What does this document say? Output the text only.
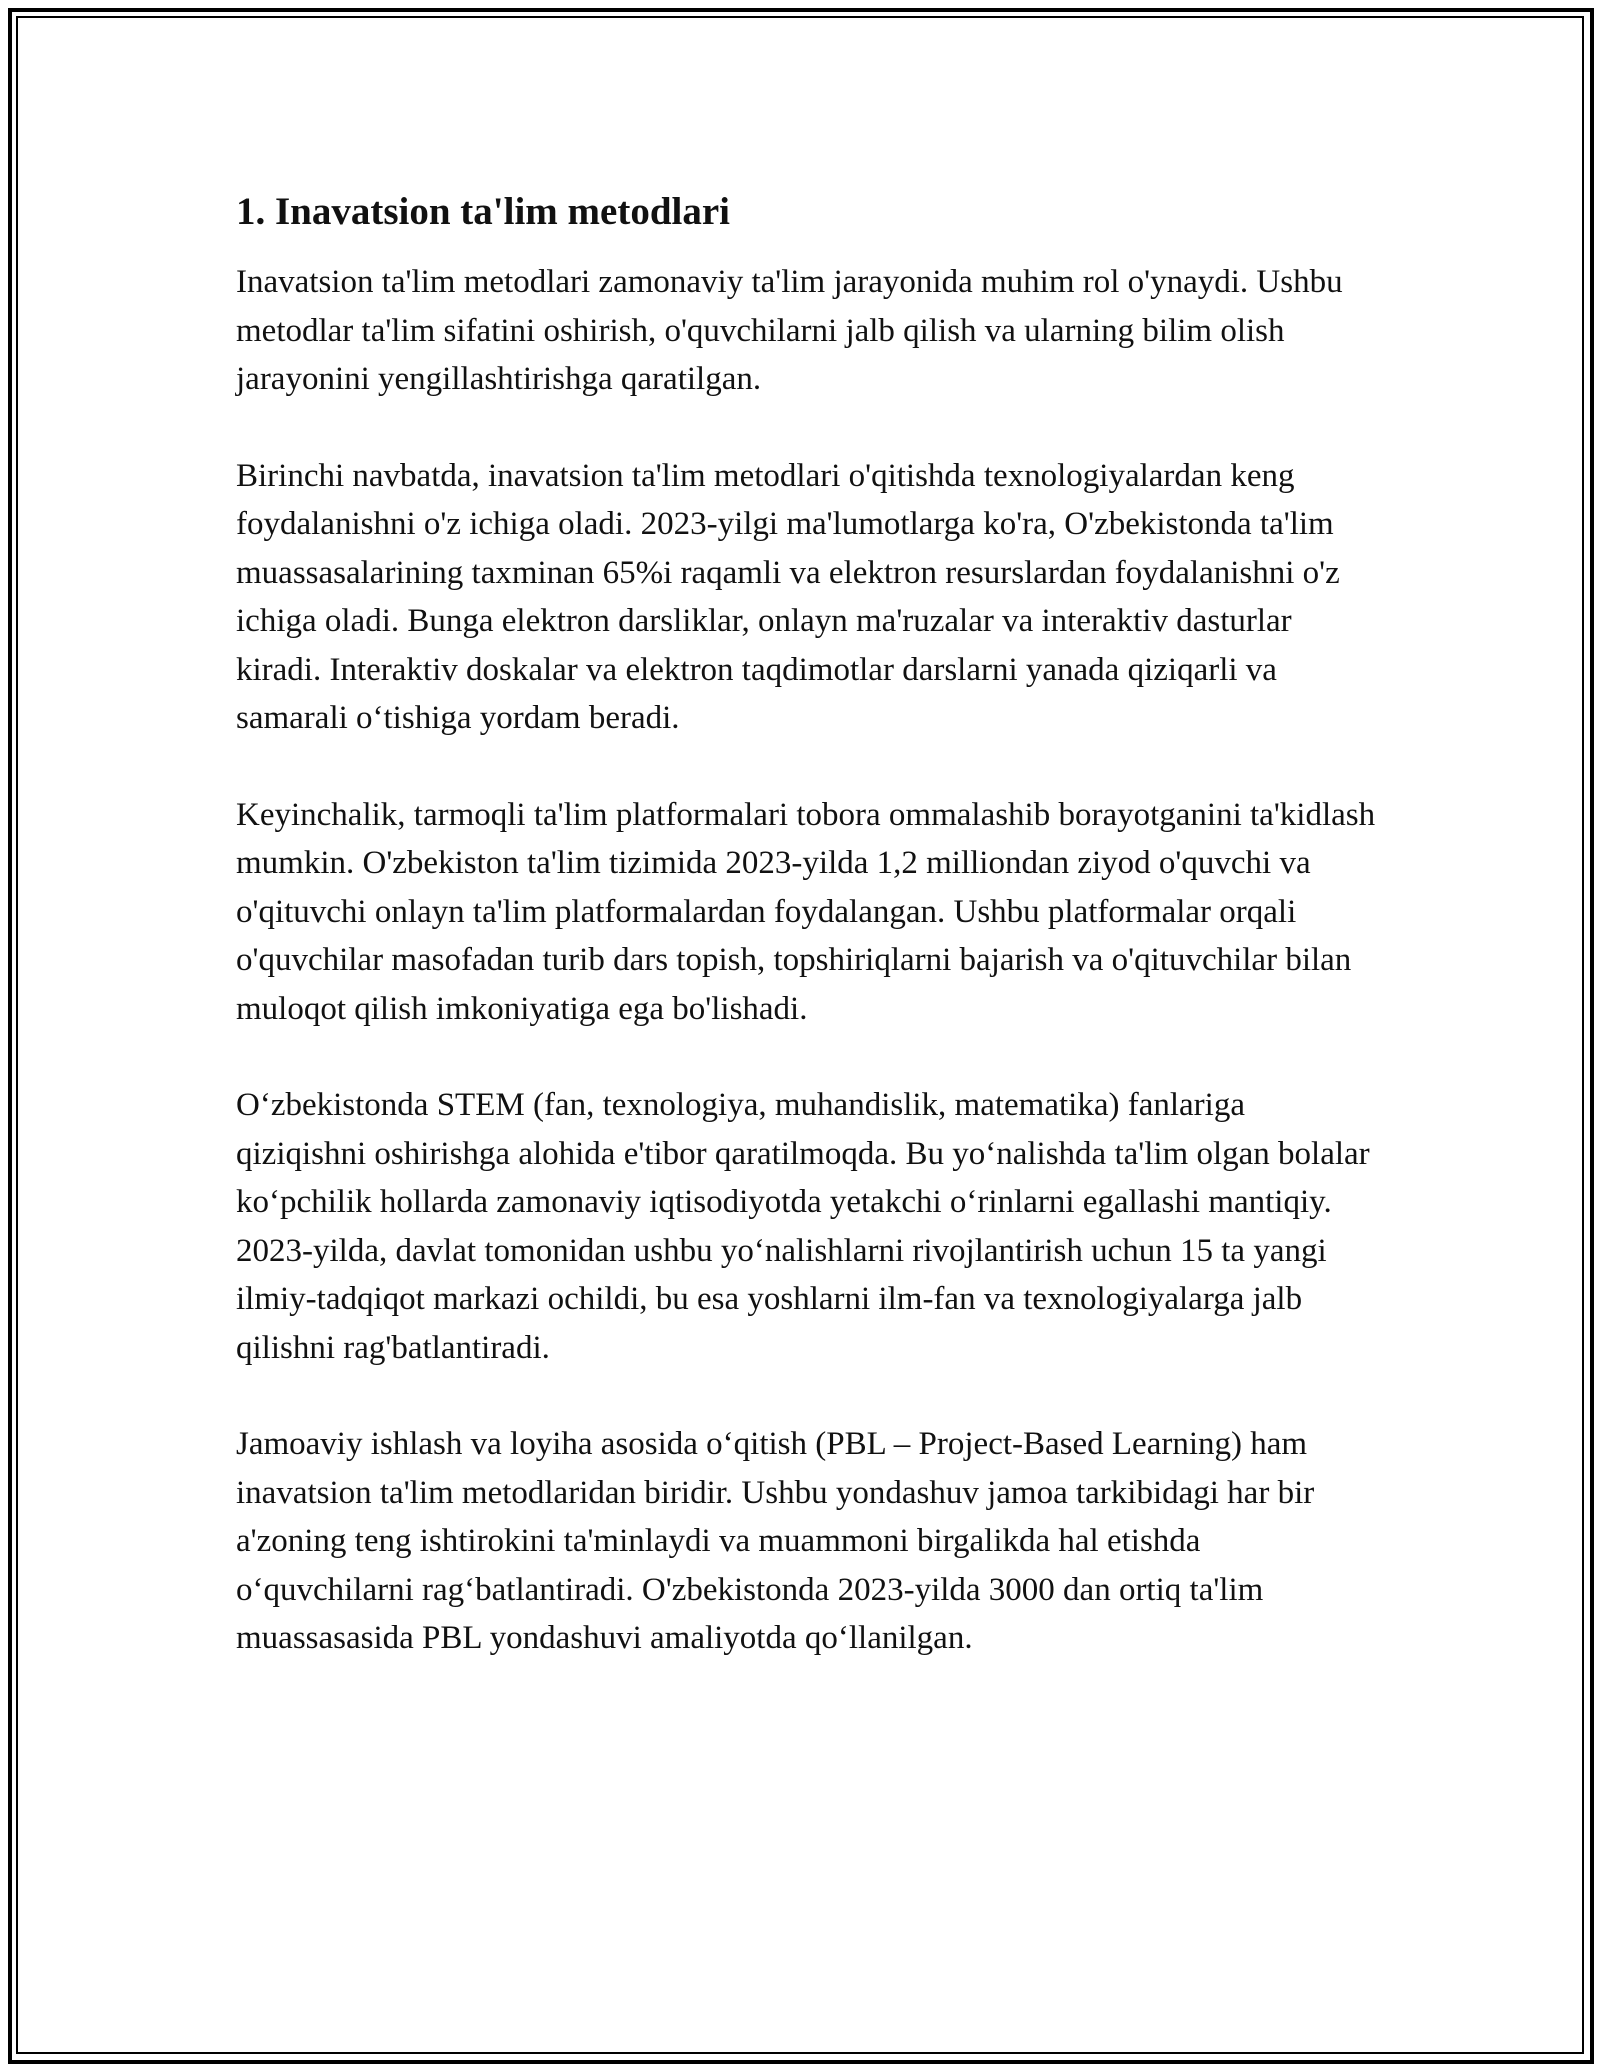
1. Inavatsion ta'lim metodlari

Inavatsion ta'lim metodlari zamonaviy ta'lim jarayonida muhim rol o'ynaydi. Ushbu metodlar ta'lim sifatini oshirish, o'quvchilarni jalb qilish va ularning bilim olish jarayonini yengillashtirishga qaratilgan.

Birinchi navbatda, inavatsion ta'lim metodlari o'qitishda texnologiyalardan keng foydalanishni o'z ichiga oladi. 2023-yilgi ma'lumotlarga ko'ra, O'zbekistonda ta'lim muassasalarining taxminan 65%i raqamli va elektron resurslardan foydalanishni o'z ichiga oladi. Bunga elektron darsliklar, onlayn ma'ruzalar va interaktiv dasturlar kiradi. Interaktiv doskalar va elektron taqdimotlar darslarni yanada qiziqarli va samarali o‘tishiga yordam beradi.

Keyinchalik, tarmoqli ta'lim platformalari tobora ommalashib borayotganini ta'kidlash mumkin. O'zbekiston ta'lim tizimida 2023-yilda 1,2 milliondan ziyod o'quvchi va o'qituvchi onlayn ta'lim platformalardan foydalangan. Ushbu platformalar orqali o'quvchilar masofadan turib dars topish, topshiriqlarni bajarish va o'qituvchilar bilan muloqot qilish imkoniyatiga ega bo'lishadi.

O‘zbekistonda STEM (fan, texnologiya, muhandislik, matematika) fanlariga qiziqishni oshirishga alohida e'tibor qaratilmoqda. Bu yo‘nalishda ta'lim olgan bolalar ko‘pchilik hollarda zamonaviy iqtisodiyotda yetakchi o‘rinlarni egallashi mantiqiy. 2023-yilda, davlat tomonidan ushbu yo‘nalishlarni rivojlantirish uchun 15 ta yangi ilmiy-tadqiqot markazi ochildi, bu esa yoshlarni ilm-fan va texnologiyalarga jalb qilishni rag'batlantiradi.

Jamoaviy ishlash va loyiha asosida o‘qitish (PBL – Project-Based Learning) ham inavatsion ta'lim metodlaridan biridir. Ushbu yondashuv jamoa tarkibidagi har bir a'zoning teng ishtirokini ta'minlaydi va muammoni birgalikda hal etishda o‘quvchilarni rag‘batlantiradi. O'zbekistonda 2023-yilda 3000 dan ortiq ta'lim muassasasida PBL yondashuvi amaliyotda qo‘llanilgan.
